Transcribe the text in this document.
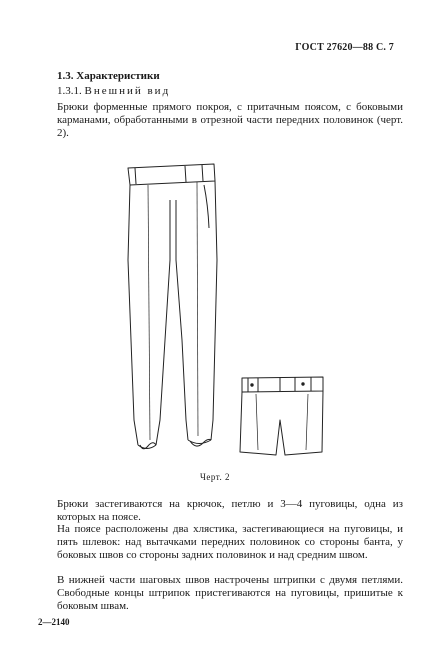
ГОСТ 27620—88 С. 7
1.3. Характеристики
1.3.1. Внешний вид
Брюки форменные прямого покроя, с притачным поясом, с боковыми карманами, обработанными в отрезной части передних половинок (черт. 2).
Черт. 2
Брюки застегиваются на крючок, петлю и 3—4 пуговицы, одна из которых на поясе.
На поясе расположены два хлястика, застегивающиеся на пуговицы, и пять шлевок: над вытачками передних половинок со стороны банта, у боковых швов со стороны задних половинок и над средним швом.
В нижней части шаговых швов настрочены штрипки с двумя петлями. Свободные концы штрипок пристегиваются на пуговицы, пришитые к боковым швам.
2—2140
